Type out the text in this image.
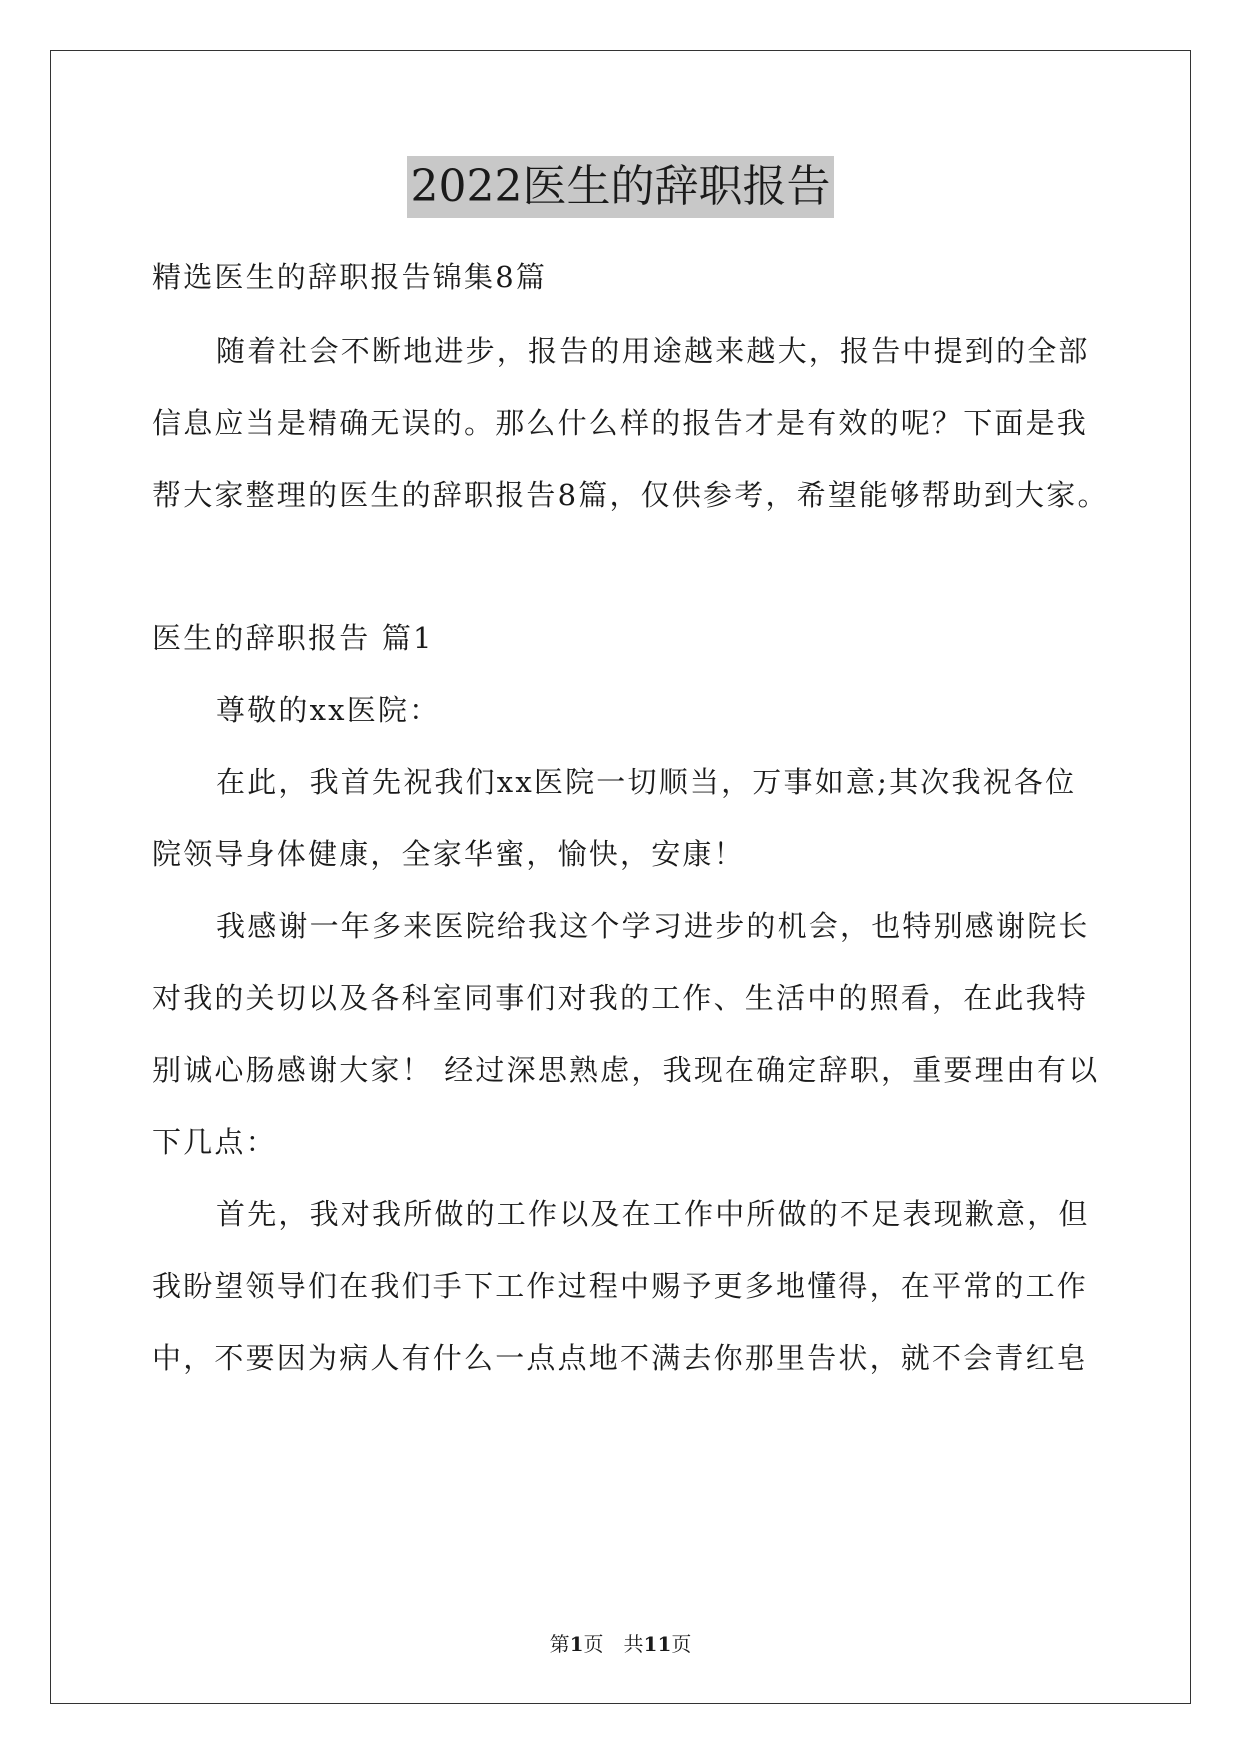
2022医生的辞职报告
精选医生的辞职报告锦集8篇
随着社会不断地进步，报告的用途越来越大，报告中提到的全部
信息应当是精确无误的。那么什么样的报告才是有效的呢？下面是我
帮大家整理的医生的辞职报告8篇，仅供参考，希望能够帮助到大家。
医生的辞职报告 篇1
尊敬的xx医院：
在此，我首先祝我们xx医院一切顺当，万事如意;其次我祝各位
院领导身体健康，全家华蜜，愉快，安康！
我感谢一年多来医院给我这个学习进步的机会，也特别感谢院长
对我的关切以及各科室同事们对我的工作、生活中的照看，在此我特
别诚心肠感谢大家！ 经过深思熟虑，我现在确定辞职，重要理由有以
下几点：
首先，我对我所做的工作以及在工作中所做的不足表现歉意，但
我盼望领导们在我们手下工作过程中赐予更多地懂得，在平常的工作
中，不要因为病人有什么一点点地不满去你那里告状，就不会青红皂
第1页　共11页
